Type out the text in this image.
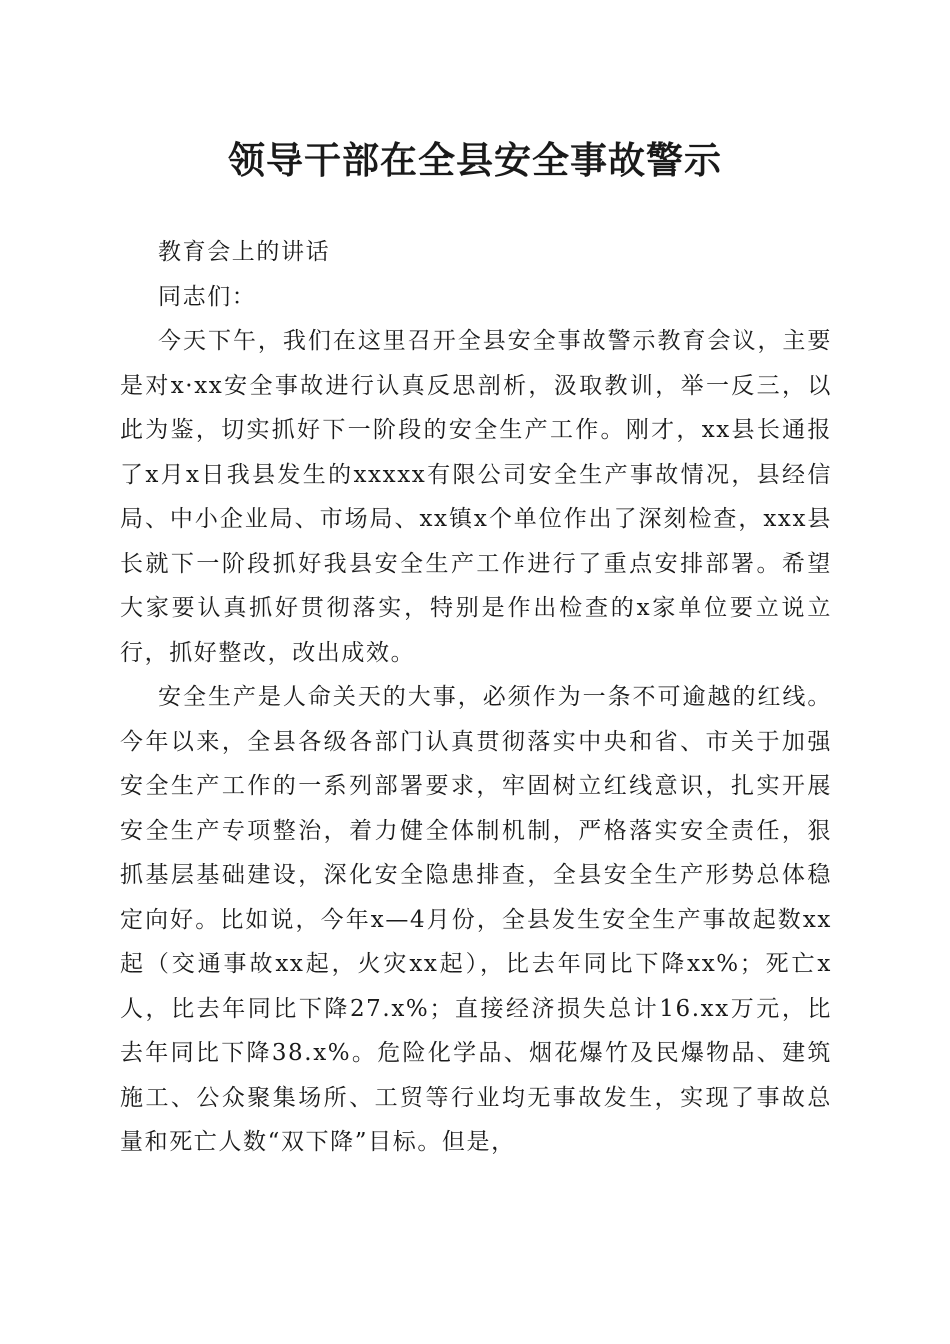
领导干部在全县安全事故警示

教育会上的讲话

同志们：

今天下午，我们在这里召开全县安全事故警示教育会议，主要是对x·xx安全事故进行认真反思剖析，汲取教训，举一反三，以此为鉴，切实抓好下一阶段的安全生产工作。刚才，xx县长通报了x月x日我县发生的xxxxx有限公司安全生产事故情况，县经信局、中小企业局、市场局、xx镇x个单位作出了深刻检查，xxx县长就下一阶段抓好我县安全生产工作进行了重点安排部署。希望大家要认真抓好贯彻落实，特别是作出检查的x家单位要立说立行，抓好整改，改出成效。

安全生产是人命关天的大事，必须作为一条不可逾越的红线。今年以来，全县各级各部门认真贯彻落实中央和省、市关于加强安全生产工作的一系列部署要求，牢固树立红线意识，扎实开展安全生产专项整治，着力健全体制机制，严格落实安全责任，狠抓基层基础建设，深化安全隐患排查，全县安全生产形势总体稳定向好。比如说，今年x—4月份，全县发生安全生产事故起数xx起（交通事故xx起，火灾xx起），比去年同比下降xx%；死亡x人，比去年同比下降27.x%；直接经济损失总计16.xx万元，比去年同比下降38.x%。危险化学品、烟花爆竹及民爆物品、建筑施工、公众聚集场所、工贸等行业均无事故发生，实现了事故总量和死亡人数“双下降”目标。但是，
